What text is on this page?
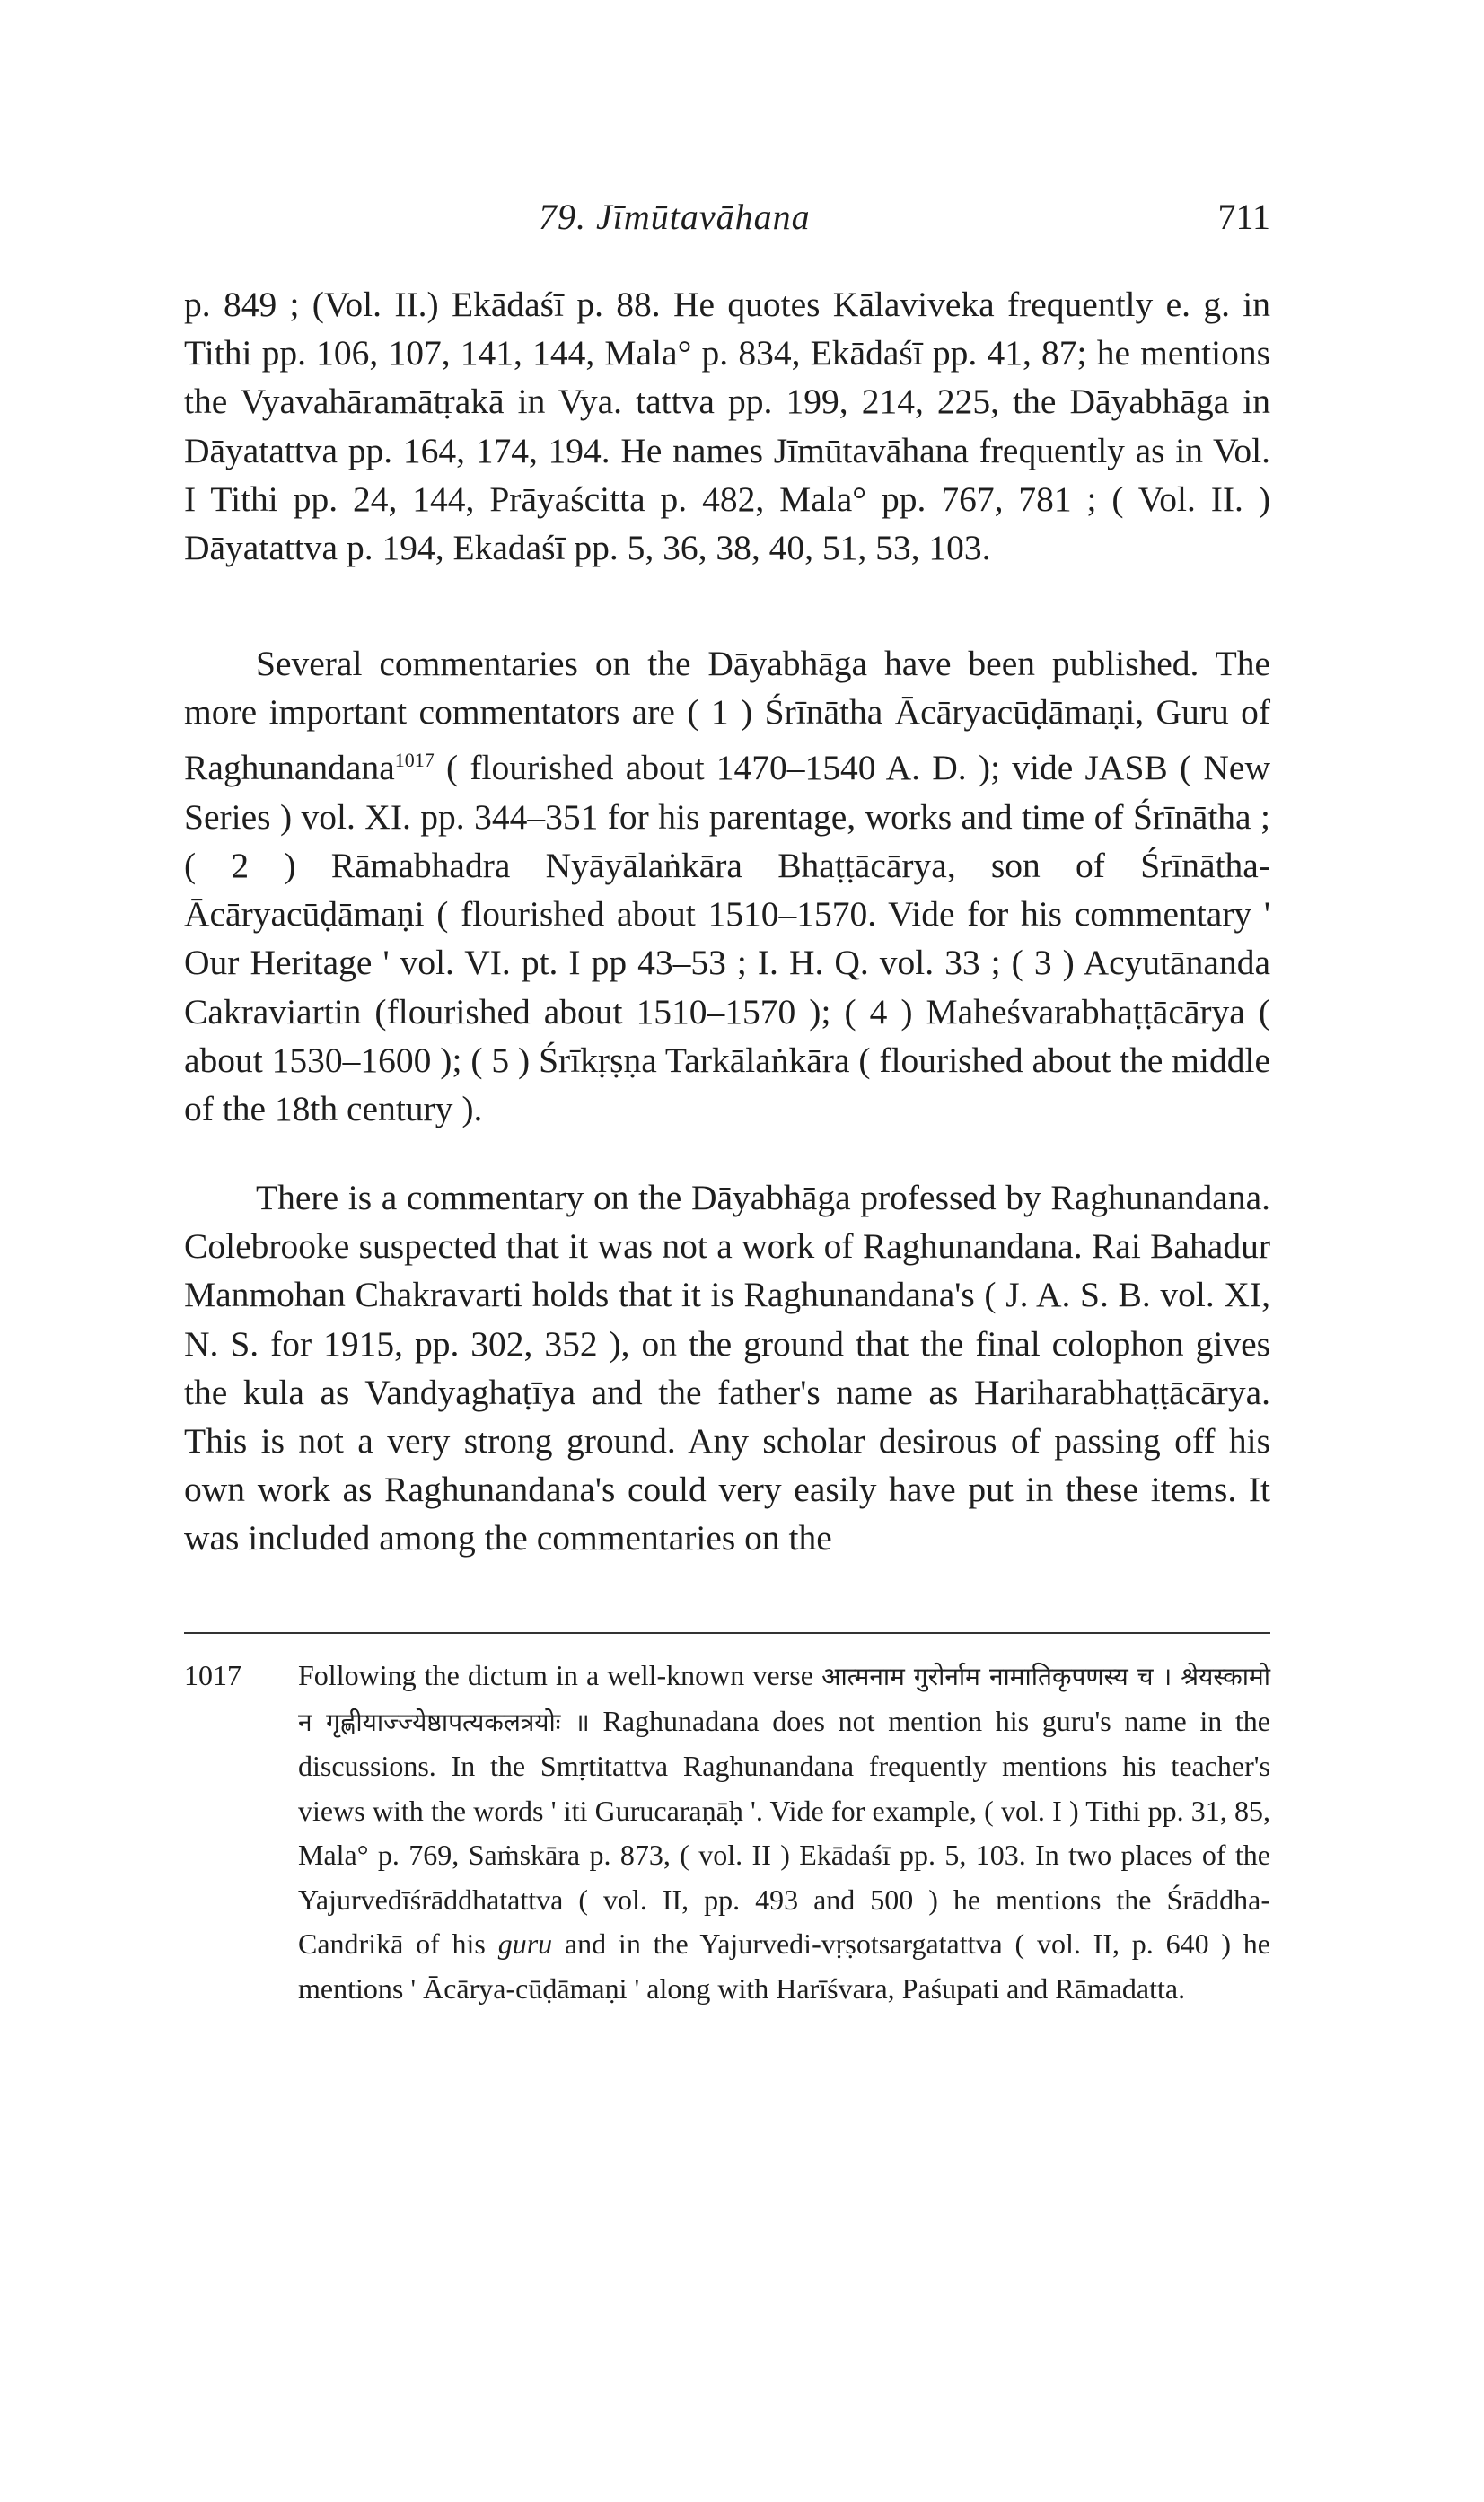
79. Jīmūtavāhana	711

p. 849 ; (Vol. II.) Ekādaśī p. 88. He quotes Kālaviveka frequently e. g. in Tithi pp. 106, 107, 141, 144, Mala° p. 834, Ekādaśī pp. 41, 87; he mentions the Vyavahāramātṛakā in Vya. tattva pp. 199, 214, 225, the Dāyabhāga in Dāyatattva pp. 164, 174, 194. He names Jīmūtavāhana frequently as in Vol. I Tithi pp. 24, 144, Prāyaścitta p. 482, Mala° pp. 767, 781 ; ( Vol. II. ) Dāyatattva p. 194, Ekadaśī pp. 5, 36, 38, 40, 51, 53, 103.

Several commentaries on the Dāyabhāga have been published. The more important commentators are ( 1 ) Śrīnātha Ācāryacūḍāmaṇi, Guru of Raghunandana$^{1017}$ ( flourished about 1470–1540 A. D. ); vide JASB ( New Series ) vol. XI. pp. 344–351 for his parentage, works and time of Śrīnātha ; ( 2 ) Rāmabhadra Nyāyālaṅkāra Bhaṭṭācārya, son of Śrīnātha-Ācāryacūḍāmaṇi ( flourished about 1510–1570. Vide for his commentary ' Our Heritage ' vol. VI. pt. I pp 43–53 ; I. H. Q. vol. 33 ; ( 3 ) Acyutānanda Cakraviartin (flourished about 1510–1570 ); ( 4 ) Maheśvarabhaṭṭācārya ( about 1530–1600 ); ( 5 ) Śrīkṛṣṇa Tarkālaṅkāra ( flourished about the middle of the 18th century ).

There is a commentary on the Dāyabhāga professed by Raghunandana. Colebrooke suspected that it was not a work of Raghunandana. Rai Bahadur Manmohan Chakravarti holds that it is Raghunandana's ( J. A. S. B. vol. XI, N. S. for 1915, pp. 302, 352 ), on the ground that the final colophon gives the kula as Vandyaghaṭīya and the father's name as Hariharabhaṭṭācārya. This is not a very strong ground. Any scholar desirous of passing off his own work as Raghunandana's could very easily have put in these items. It was included among the commentaries on the

1017 Following the dictum in a well-known verse आत्मनाम गुरोर्नाम नामातिकृपणस्य च । श्रेयस्कामो न गृह्णीयाज्ज्येष्ठापत्यकलत्रयोः ॥ Raghunadana does not mention his guru's name in the discussions. In the Smṛtitattva Raghunandana frequently mentions his teacher's views with the words ' iti Gurucaraṇāḥ '. Vide for example, ( vol. I ) Tithi pp. 31, 85, Mala° p. 769, Saṁskāra p. 873, ( vol. II ) Ekādaśī pp. 5, 103. In two places of the Yajurvedīśrāddhatattva ( vol. II, pp. 493 and 500 ) he mentions the Śrāddha-Candrikā of his guru and in the Yajurvedi-vṛṣotsargatattva ( vol. II, p. 640 ) he mentions ' Ācārya-cūḍāmaṇi ' along with Harīśvara, Paśupati and Rāmadatta.
